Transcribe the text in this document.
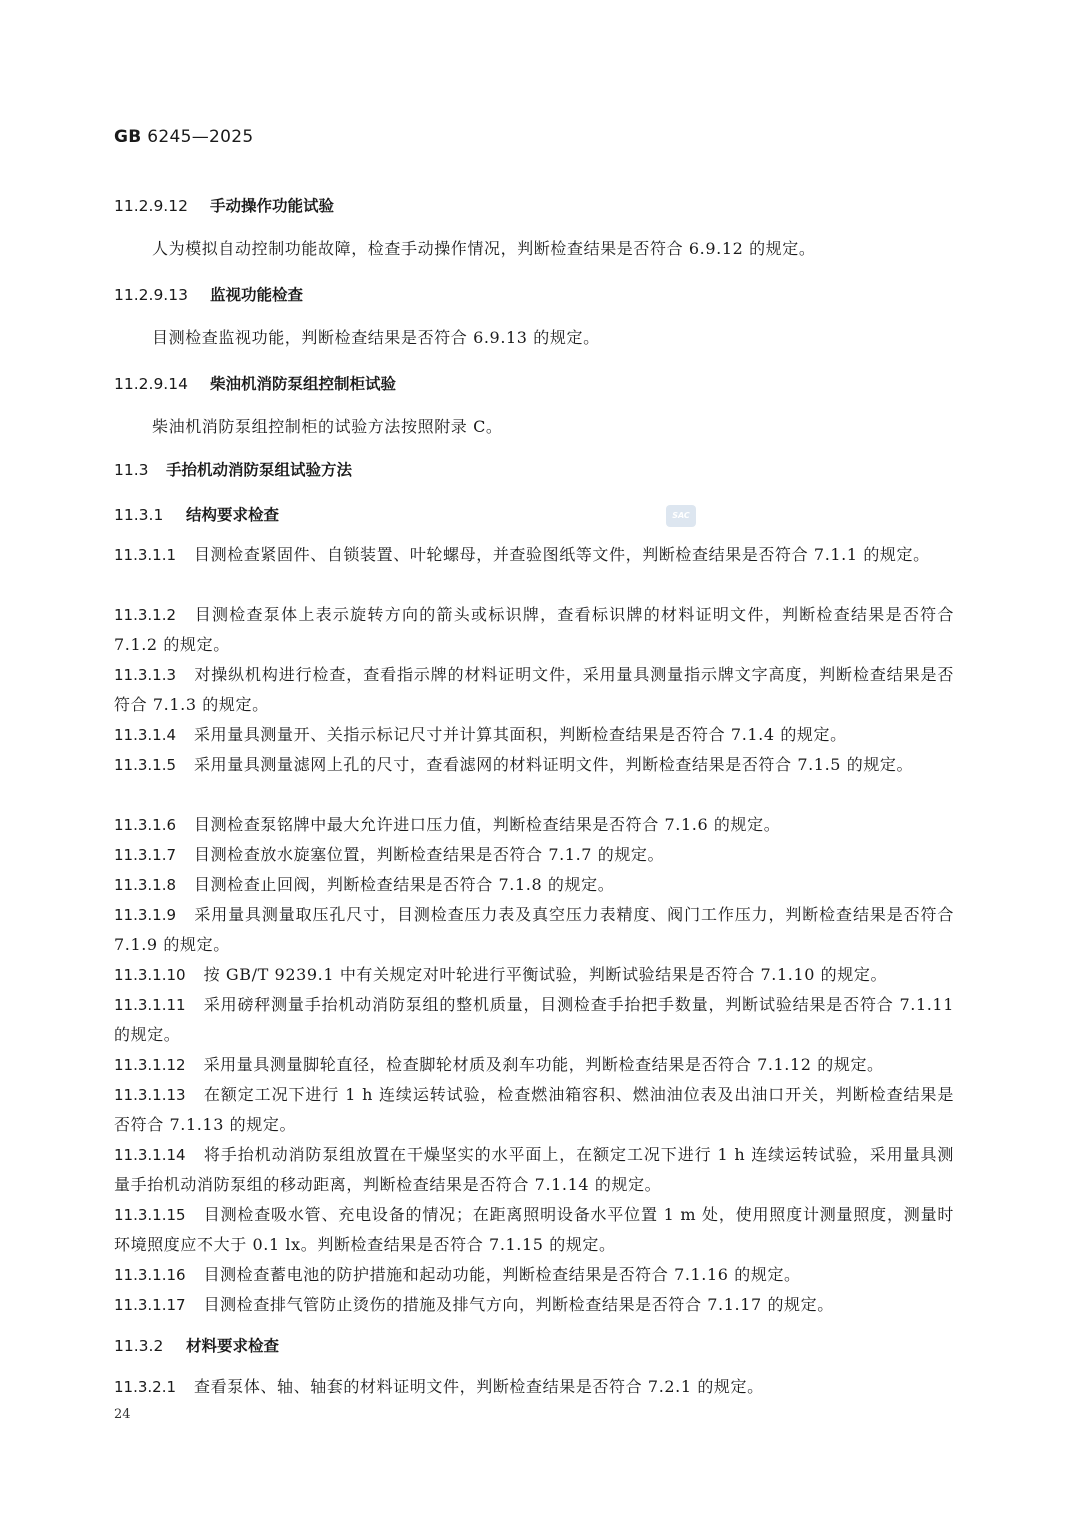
GB 6245—2025
11.2.9.12 手动操作功能试验
人为模拟自动控制功能故障，检查手动操作情况，判断检查结果是否符合 6.9.12 的规定。
11.2.9.13 监视功能检查
目测检查监视功能，判断检查结果是否符合 6.9.13 的规定。
11.2.9.14 柴油机消防泵组控制柜试验
柴油机消防泵组控制柜的试验方法按照附录 C。
11.3 手抬机动消防泵组试验方法
11.3.1 结构要求检查	SAC
11.3.1.1 目测检查紧固件、自锁装置、叶轮螺母，并查验图纸等文件，判断检查结果是否符合 7.1.1 的规定。
11.3.1.2 目测检查泵体上表示旋转方向的箭头或标识牌，查看标识牌的材料证明文件，判断检查结果是否符合 7.1.2 的规定。
11.3.1.3 对操纵机构进行检查，查看指示牌的材料证明文件，采用量具测量指示牌文字高度，判断检查结果是否符合 7.1.3 的规定。
11.3.1.4 采用量具测量开、关指示标记尺寸并计算其面积，判断检查结果是否符合 7.1.4 的规定。
11.3.1.5 采用量具测量滤网上孔的尺寸，查看滤网的材料证明文件，判断检查结果是否符合 7.1.5 的规定。
11.3.1.6 目测检查泵铭牌中最大允许进口压力值，判断检查结果是否符合 7.1.6 的规定。
11.3.1.7 目测检查放水旋塞位置，判断检查结果是否符合 7.1.7 的规定。
11.3.1.8 目测检查止回阀，判断检查结果是否符合 7.1.8 的规定。
11.3.1.9 采用量具测量取压孔尺寸，目测检查压力表及真空压力表精度、阀门工作压力，判断检查结果是否符合 7.1.9 的规定。
11.3.1.10 按 GB/T 9239.1 中有关规定对叶轮进行平衡试验，判断试验结果是否符合 7.1.10 的规定。
11.3.1.11 采用磅秤测量手抬机动消防泵组的整机质量，目测检查手抬把手数量，判断试验结果是否符合 7.1.11 的规定。
11.3.1.12 采用量具测量脚轮直径，检查脚轮材质及刹车功能，判断检查结果是否符合 7.1.12 的规定。
11.3.1.13 在额定工况下进行 1 h 连续运转试验，检查燃油箱容积、燃油油位表及出油口开关，判断检查结果是否符合 7.1.13 的规定。
11.3.1.14 将手抬机动消防泵组放置在干燥坚实的水平面上，在额定工况下进行 1 h 连续运转试验，采用量具测量手抬机动消防泵组的移动距离，判断检查结果是否符合 7.1.14 的规定。
11.3.1.15 目测检查吸水管、充电设备的情况；在距离照明设备水平位置 1 m 处，使用照度计测量照度，测量时环境照度应不大于 0.1 lx。判断检查结果是否符合 7.1.15 的规定。
11.3.1.16 目测检查蓄电池的防护措施和起动功能，判断检查结果是否符合 7.1.16 的规定。
11.3.1.17 目测检查排气管防止烫伤的措施及排气方向，判断检查结果是否符合 7.1.17 的规定。
11.3.2 材料要求检查
11.3.2.1 查看泵体、轴、轴套的材料证明文件，判断检查结果是否符合 7.2.1 的规定。
24
